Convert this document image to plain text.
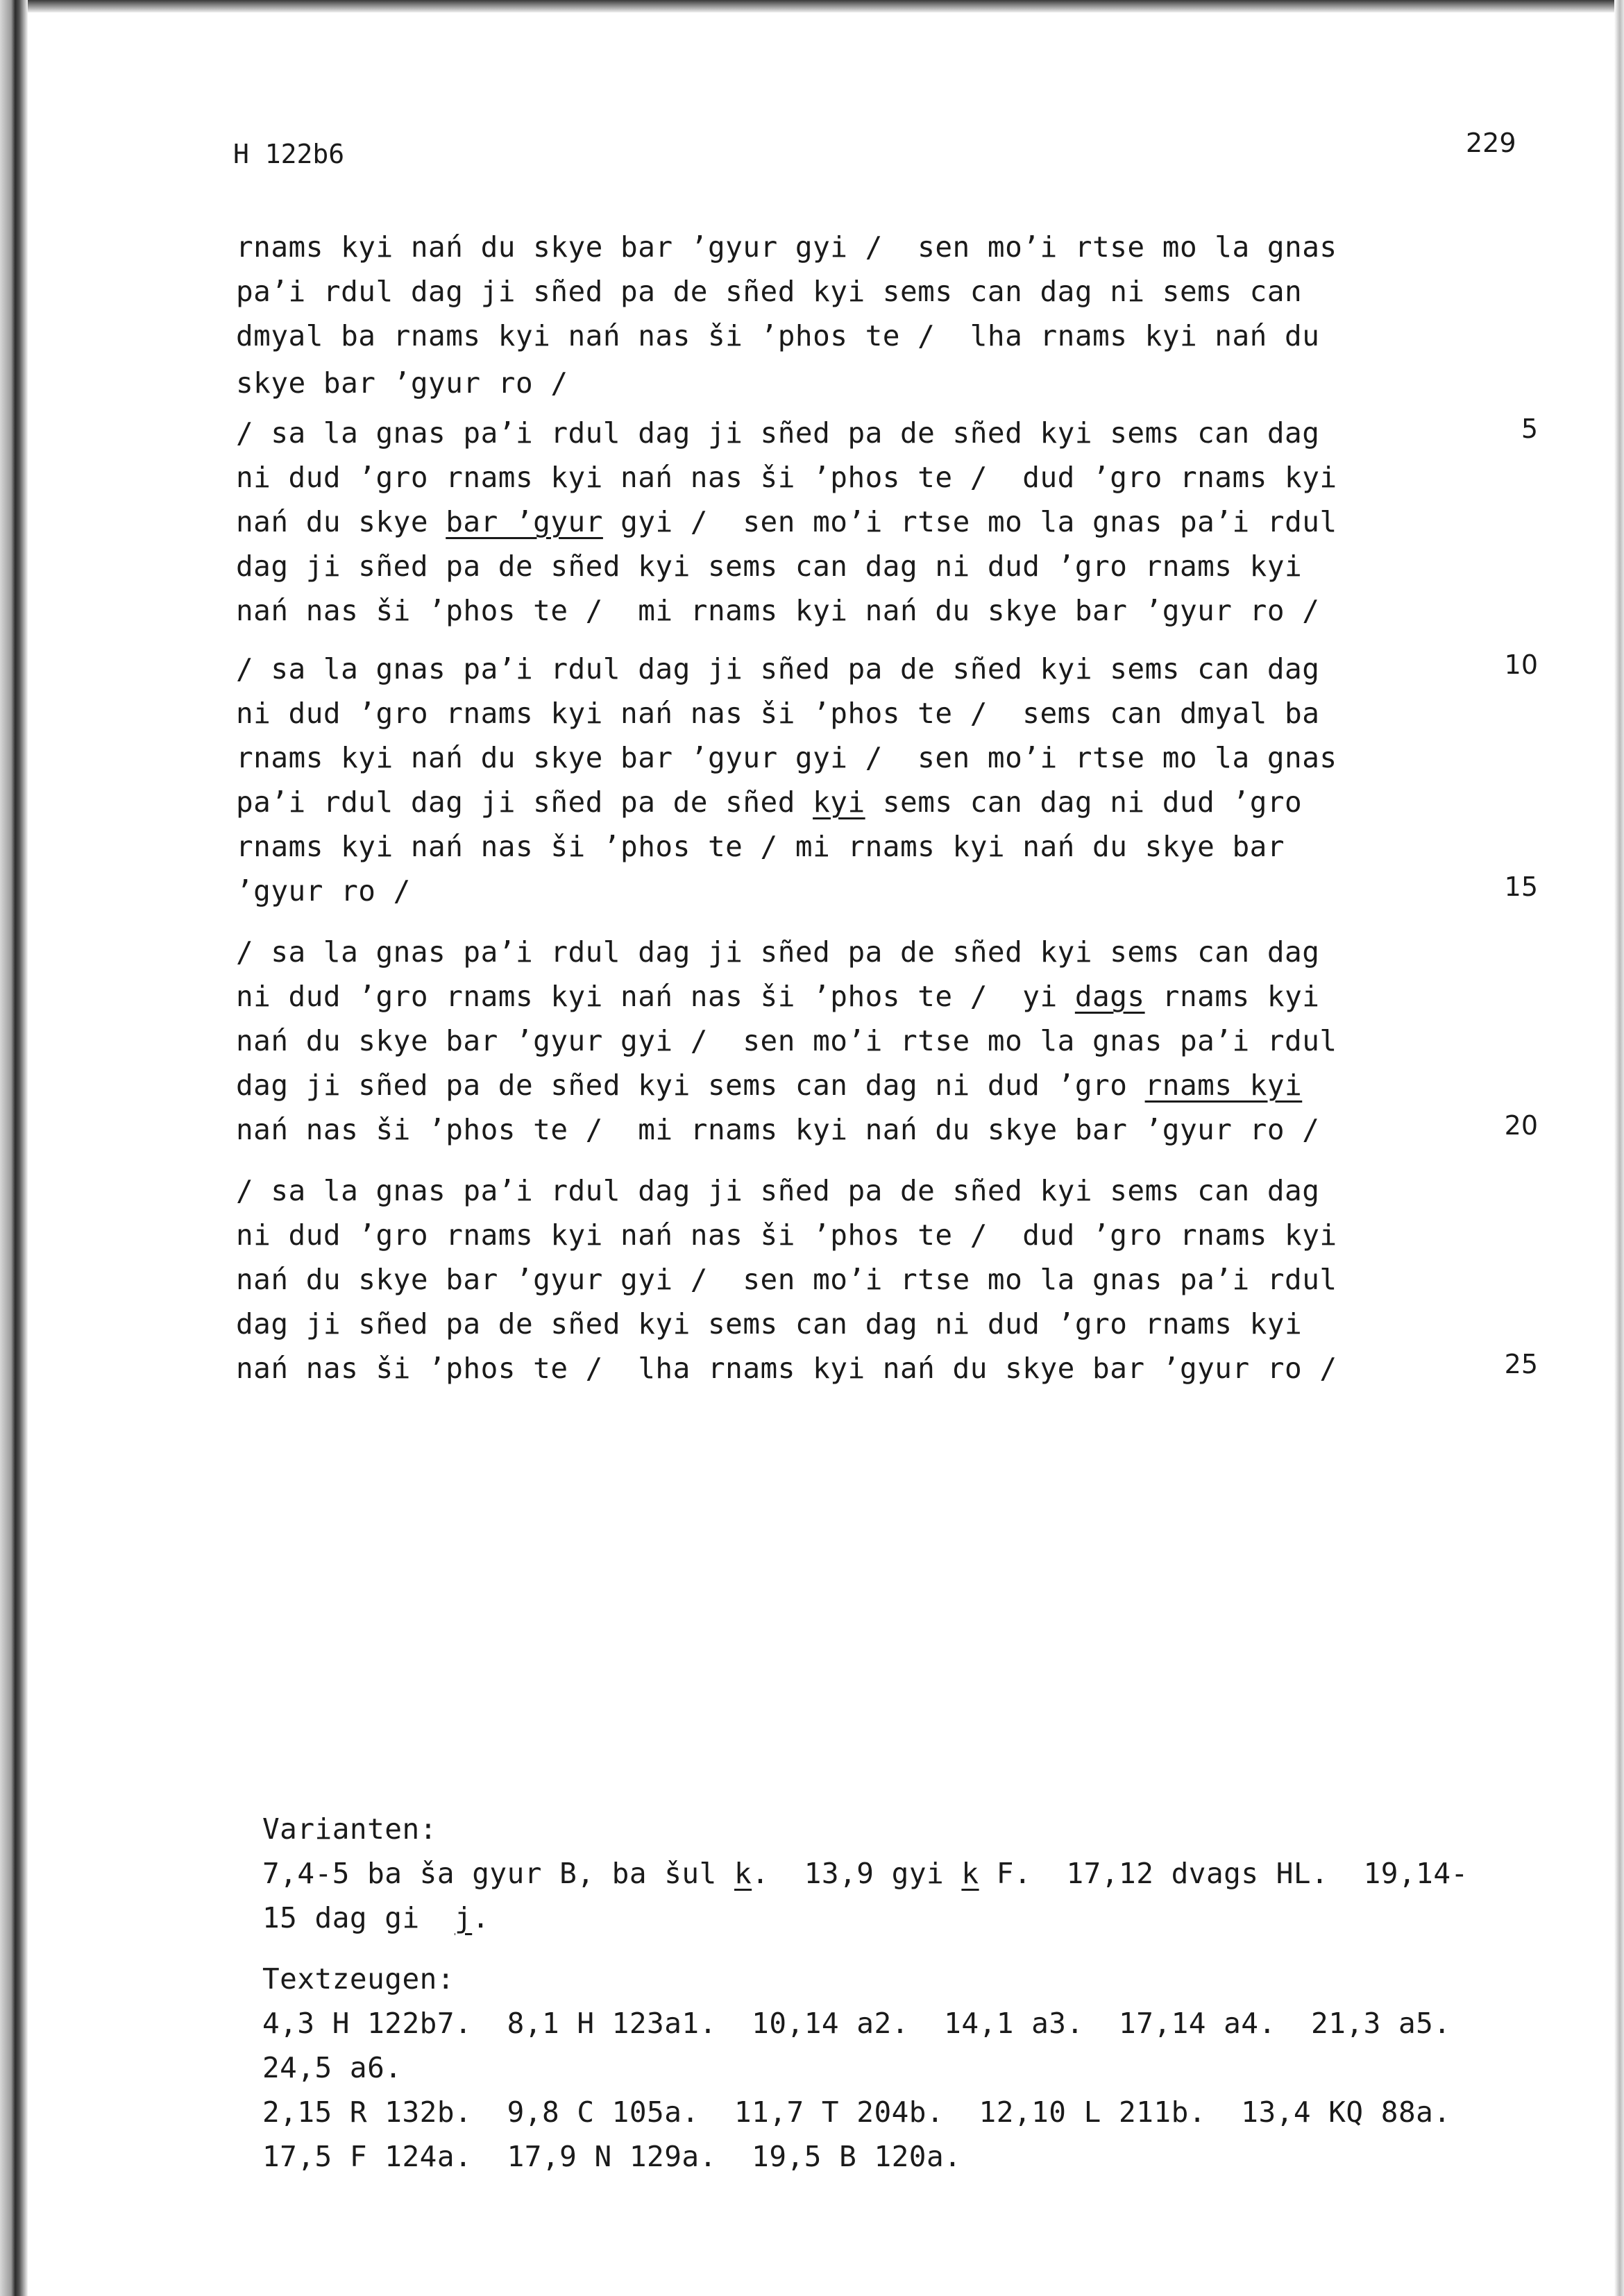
H 122b6	229
rnams kyi nań du skye bar ’gyur gyi /  sen mo’i rtse mo la gnas
pa’i rdul dag ji sñed pa de sñed kyi sems can dag ni sems can
dmyal ba rnams kyi nań nas ši ’phos te /  lha rnams kyi nań du
skye bar ’gyur ro /
/ sa la gnas pa’i rdul dag ji sñed pa de sñed kyi sems can dag	5
ni dud ’gro rnams kyi nań nas ši ’phos te /  dud ’gro rnams kyi
nań du skye bar ’gyur gyi /  sen mo’i rtse mo la gnas pa’i rdul
dag ji sñed pa de sñed kyi sems can dag ni dud ’gro rnams kyi
nań nas ši ’phos te /  mi rnams kyi nań du skye bar ’gyur ro /
/ sa la gnas pa’i rdul dag ji sñed pa de sñed kyi sems can dag	10
ni dud ’gro rnams kyi nań nas ši ’phos te /  sems can dmyal ba
rnams kyi nań du skye bar ’gyur gyi /  sen mo’i rtse mo la gnas
pa’i rdul dag ji sñed pa de sñed kyi sems can dag ni dud ’gro
rnams kyi nań nas ši ’phos te / mi rnams kyi nań du skye bar
’gyur ro /	15
/ sa la gnas pa’i rdul dag ji sñed pa de sñed kyi sems can dag
ni dud ’gro rnams kyi nań nas ši ’phos te /  yi dags rnams kyi
nań du skye bar ’gyur gyi /  sen mo’i rtse mo la gnas pa’i rdul
dag ji sñed pa de sñed kyi sems can dag ni dud ’gro rnams kyi
nań nas ši ’phos te /  mi rnams kyi nań du skye bar ’gyur ro /	20
/ sa la gnas pa’i rdul dag ji sñed pa de sñed kyi sems can dag
ni dud ’gro rnams kyi nań nas ši ’phos te /  dud ’gro rnams kyi
nań du skye bar ’gyur gyi /  sen mo’i rtse mo la gnas pa’i rdul
dag ji sñed pa de sñed kyi sems can dag ni dud ’gro rnams kyi
nań nas ši ’phos te /  lha rnams kyi nań du skye bar ’gyur ro /	25
Varianten:
7,4-5 ba ša gyur B, ba šul k.  13,9 gyi k F.  17,12 dvags HL.  19,14-
15 dag gi  j.
Textzeugen:
4,3 H 122b7.  8,1 H 123a1.  10,14 a2.  14,1 a3.  17,14 a4.  21,3 a5.
24,5 a6.
2,15 R 132b.  9,8 C 105a.  11,7 T 204b.  12,10 L 211b.  13,4 KQ 88a.
17,5 F 124a.  17,9 N 129a.  19,5 B 120a.
